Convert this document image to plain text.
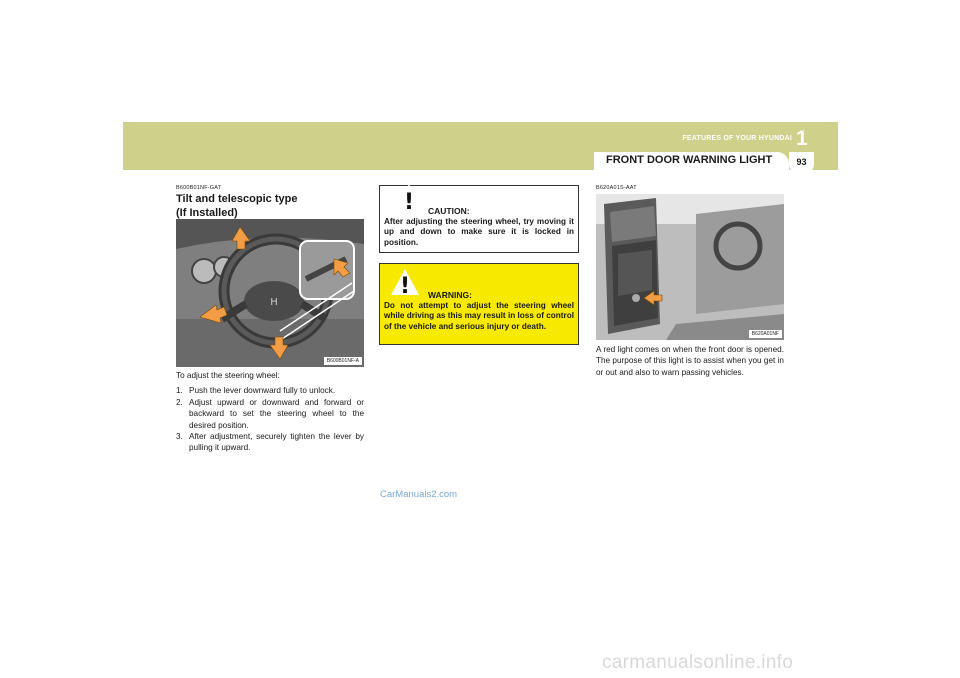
FEATURES OF YOUR HYUNDAI 1
93
FRONT DOOR WARNING LIGHT
B600B01NF-GAT
Tilt and telescopic type
(If Installed)
H
B600B01NF-A
To adjust the steering wheel:
1. Push the lever downward fully to unlock.
2. Adjust upward or downward and forward or backward to set the steering wheel to the desired position.
3. After adjustment, securely tighten the lever by pulling it upward.
! CAUTION:
After adjusting the steering wheel, try moving it up and down to make sure it is locked in position.
! WARNING:
Do not attempt to adjust the steering wheel while driving as this may result in loss of control of the vehicle and serious injury or death.
B620A01S-AAT
B620A01NF
A red light comes on when the front door is opened. The purpose of this light is to assist when you get in or out and also to warn passing vehicles.
CarManuals2.com
carmanualsonline.info
